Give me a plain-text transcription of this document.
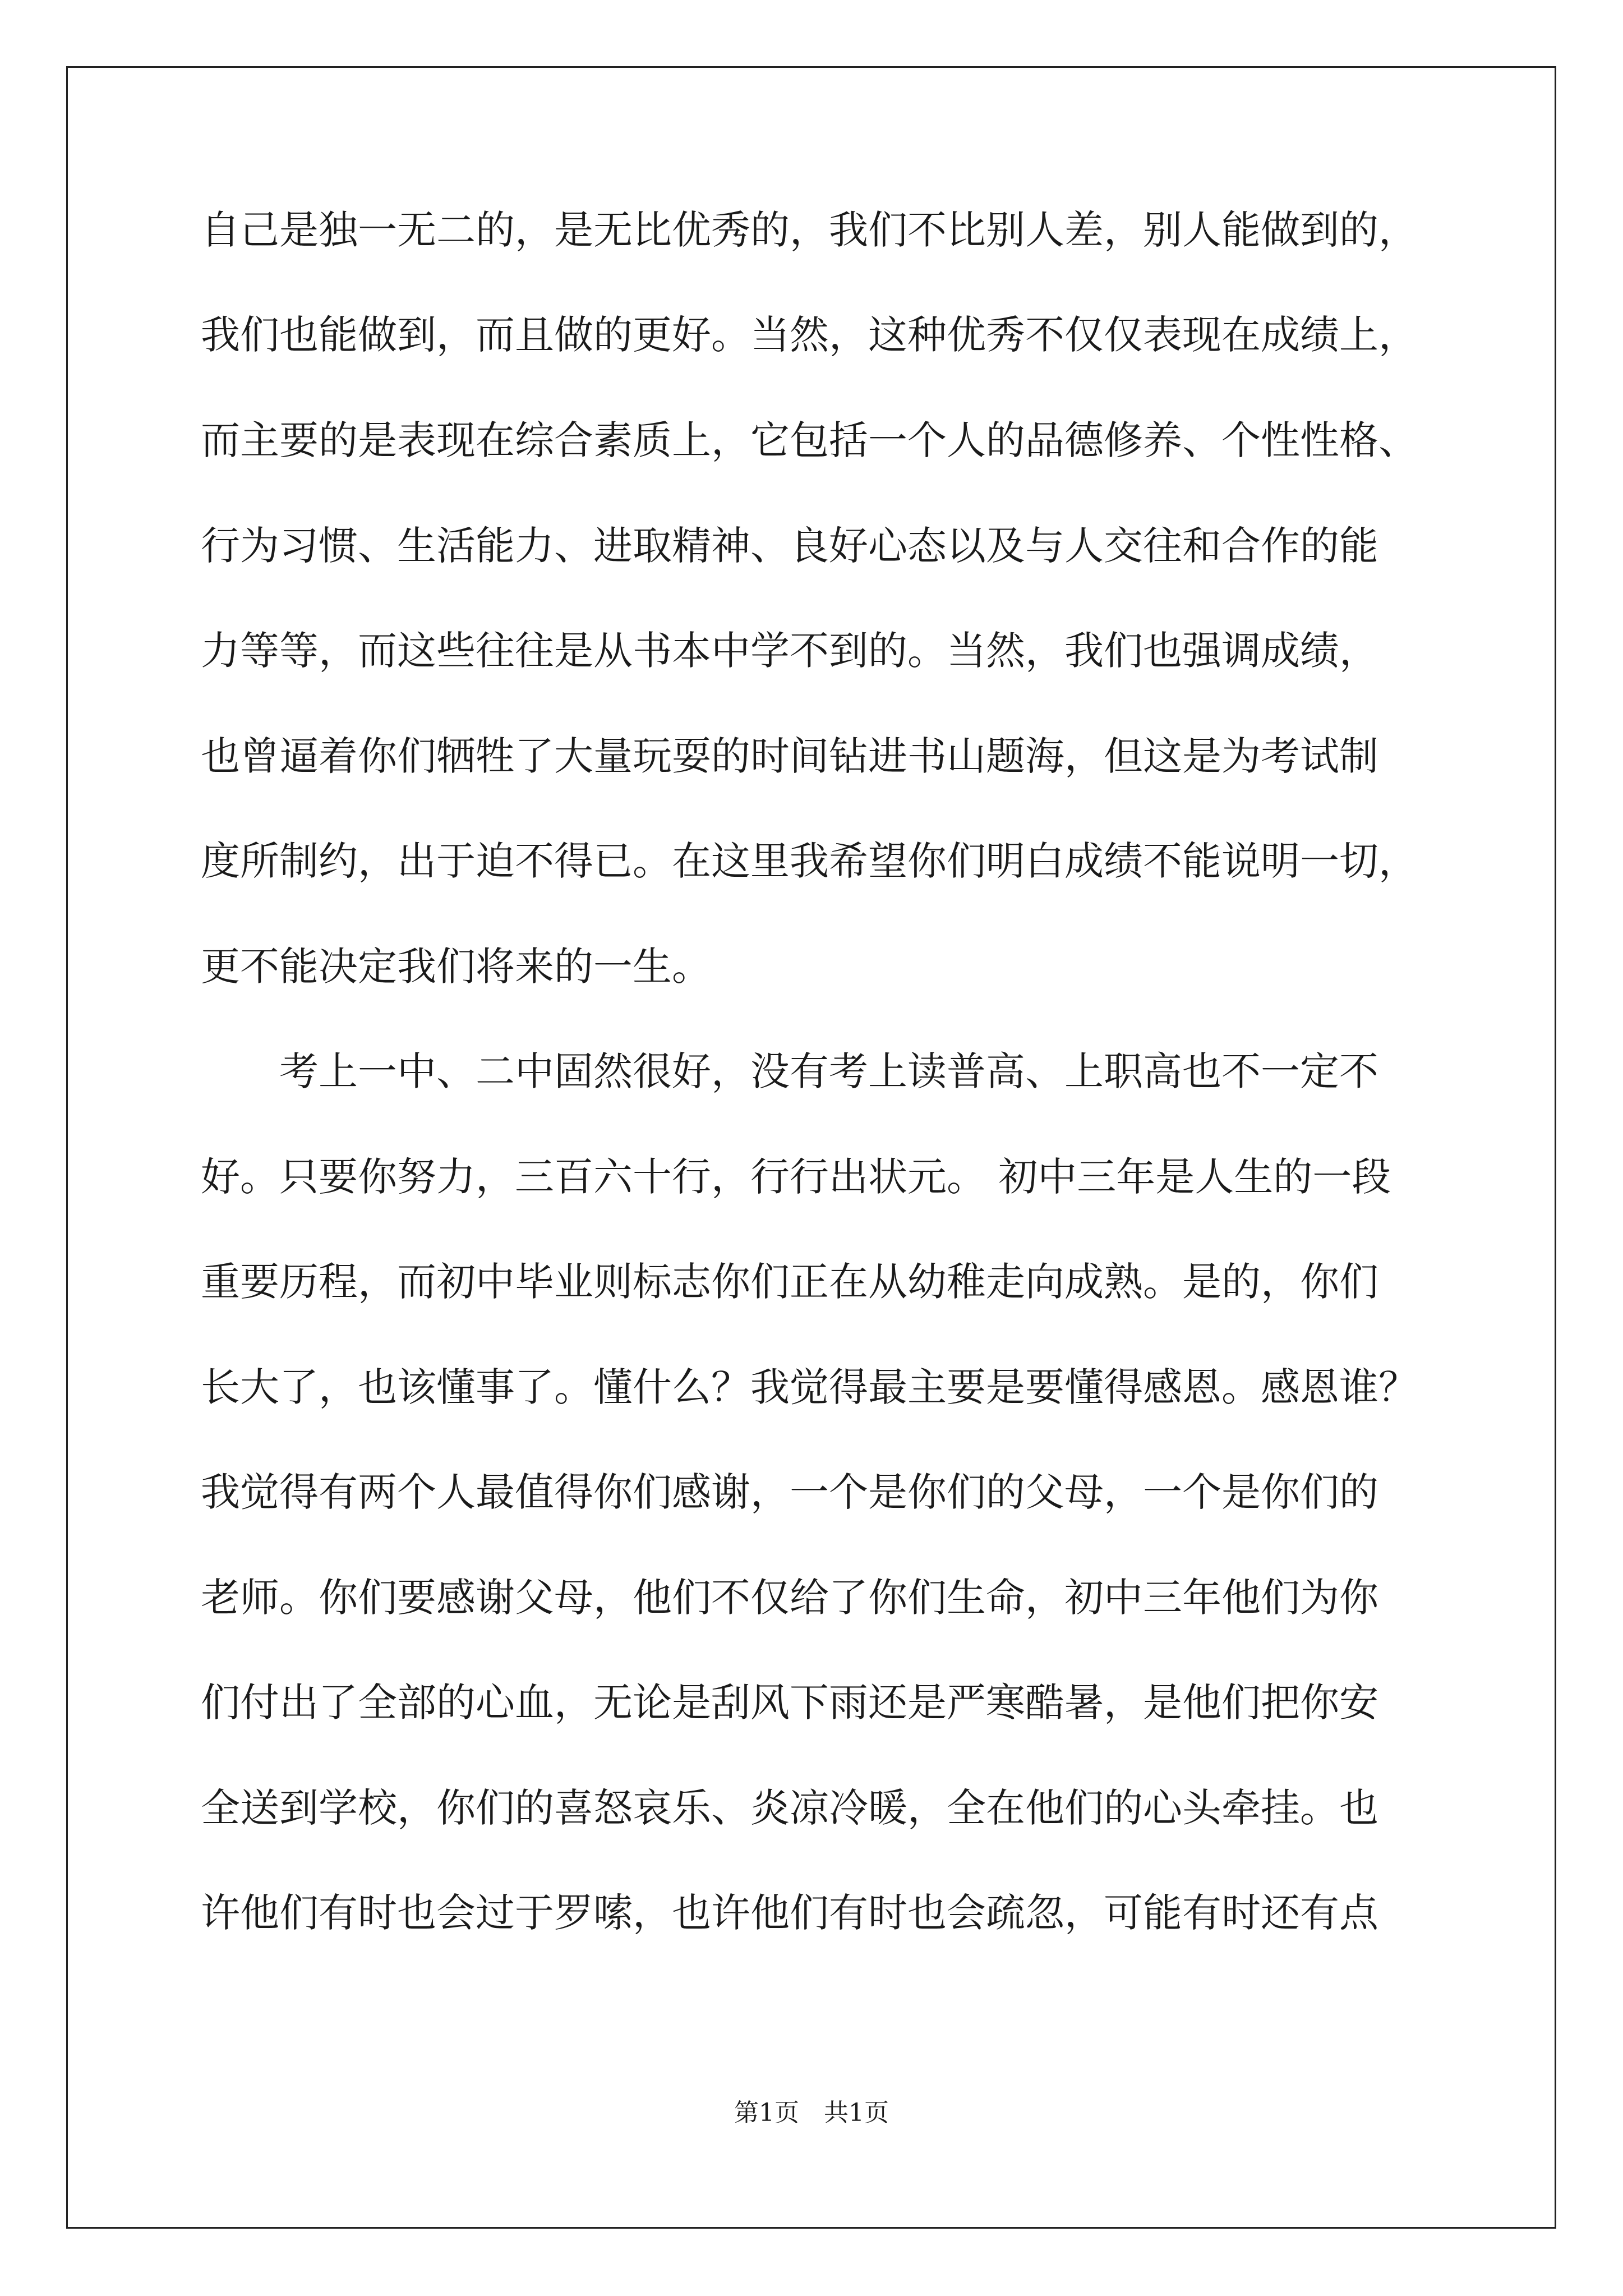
自己是独一无二的，是无比优秀的，我们不比别人差，别人能做到的，
我们也能做到，而且做的更好。当然，这种优秀不仅仅表现在成绩上，
而主要的是表现在综合素质上，它包括一个人的品德修养、个性性格、
行为习惯、生活能力、进取精神、良好心态以及与人交往和合作的能
力等等，而这些往往是从书本中学不到的。当然，我们也强调成绩，
也曾逼着你们牺牲了大量玩耍的时间钻进书山题海，但这是为考试制
度所制约，出于迫不得已。在这里我希望你们明白成绩不能说明一切，
更不能决定我们将来的一生。
　　考上一中、二中固然很好，没有考上读普高、上职高也不一定不
好。只要你努力，三百六十行，行行出状元。 初中三年是人生的一段
重要历程，而初中毕业则标志你们正在从幼稚走向成熟。是的，你们
长大了，也该懂事了。懂什么？我觉得最主要是要懂得感恩。感恩谁？
我觉得有两个人最值得你们感谢，一个是你们的父母，一个是你们的
老师。你们要感谢父母，他们不仅给了你们生命，初中三年他们为你
们付出了全部的心血，无论是刮风下雨还是严寒酷暑，是他们把你安
全送到学校，你们的喜怒哀乐、炎凉冷暖，全在他们的心头牵挂。也
许他们有时也会过于罗嗦，也许他们有时也会疏忽，可能有时还有点
第1页　共1页
